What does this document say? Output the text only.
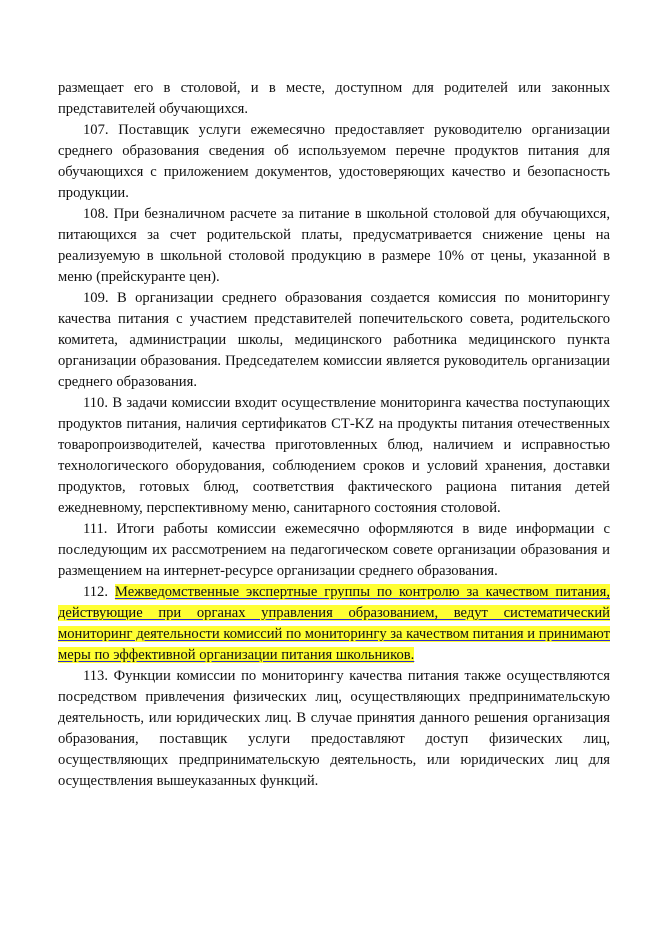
размещает его в столовой, и в месте, доступном для родителей или законных представителей обучающихся.

107. Поставщик услуги ежемесячно предоставляет руководителю организации среднего образования сведения об используемом перечне продуктов питания для обучающихся с приложением документов, удостоверяющих качество и безопасность продукции.

108. При безналичном расчете за питание в школьной столовой для обучающихся, питающихся за счет родительской платы, предусматривается снижение цены на реализуемую в школьной столовой продукцию в размере 10% от цены, указанной в меню (прейскуранте цен).

109. В организации среднего образования создается комиссия по мониторингу качества питания с участием представителей попечительского совета, родительского комитета, администрации школы, медицинского работника медицинского пункта организации образования. Председателем комиссии является руководитель организации среднего образования.

110. В задачи комиссии входит осуществление мониторинга качества поступающих продуктов питания, наличия сертификатов СТ-KZ на продукты питания отечественных товаропроизводителей, качества приготовленных блюд, наличием и исправностью технологического оборудования, соблюдением сроков и условий хранения, доставки продуктов, готовых блюд, соответствия фактического рациона питания детей ежедневному, перспективному меню, санитарного состояния столовой.

111. Итоги работы комиссии ежемесячно оформляются в виде информации с последующим их рассмотрением на педагогическом совете организации образования и размещением на интернет-ресурсе организации среднего образования.

112. Межведомственные экспертные группы по контролю за качеством питания, действующие при органах управления образованием, ведут систематический мониторинг деятельности комиссий по мониторингу за качеством питания и принимают меры по эффективной организации питания школьников.

113. Функции комиссии по мониторингу качества питания также осуществляются посредством привлечения физических лиц, осуществляющих предпринимательскую деятельность, или юридических лиц. В случае принятия данного решения организация образования, поставщик услуги предоставляют доступ физических лиц, осуществляющих предпринимательскую деятельность, или юридических лиц для осуществления вышеуказанных функций.
